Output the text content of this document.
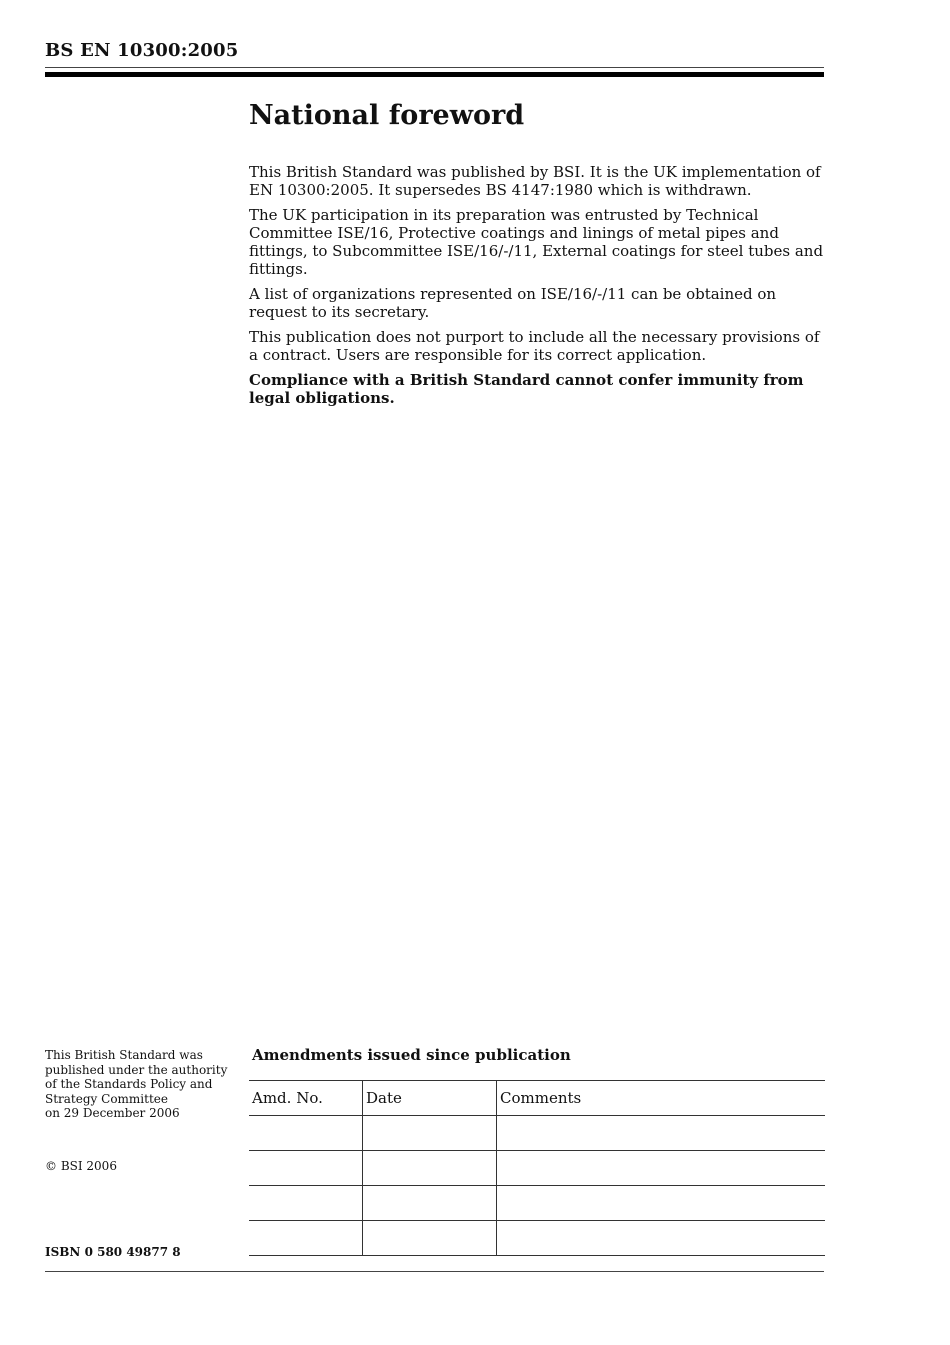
BS EN 10300:2005
National foreword

This British Standard was published by BSI. It is the UK implementation of EN 10300:2005. It supersedes BS 4147:1980 which is withdrawn.

The UK participation in its preparation was entrusted by Technical Committee ISE/16, Protective coatings and linings of metal pipes and fittings, to Subcommittee ISE/16/-/11, External coatings for steel tubes and fittings.

A list of organizations represented on ISE/16/-/11 can be obtained on request to its secretary.

This publication does not purport to include all the necessary provisions of a contract. Users are responsible for its correct application.

Compliance with a British Standard cannot confer immunity from legal obligations.

This British Standard was
published under the authority
of the Standards Policy and
Strategy Committee
on 29 December 2006
© BSI 2006
ISBN 0 580 49877 8
Amendments issued since publication
Amd. No.	Date	Comments
